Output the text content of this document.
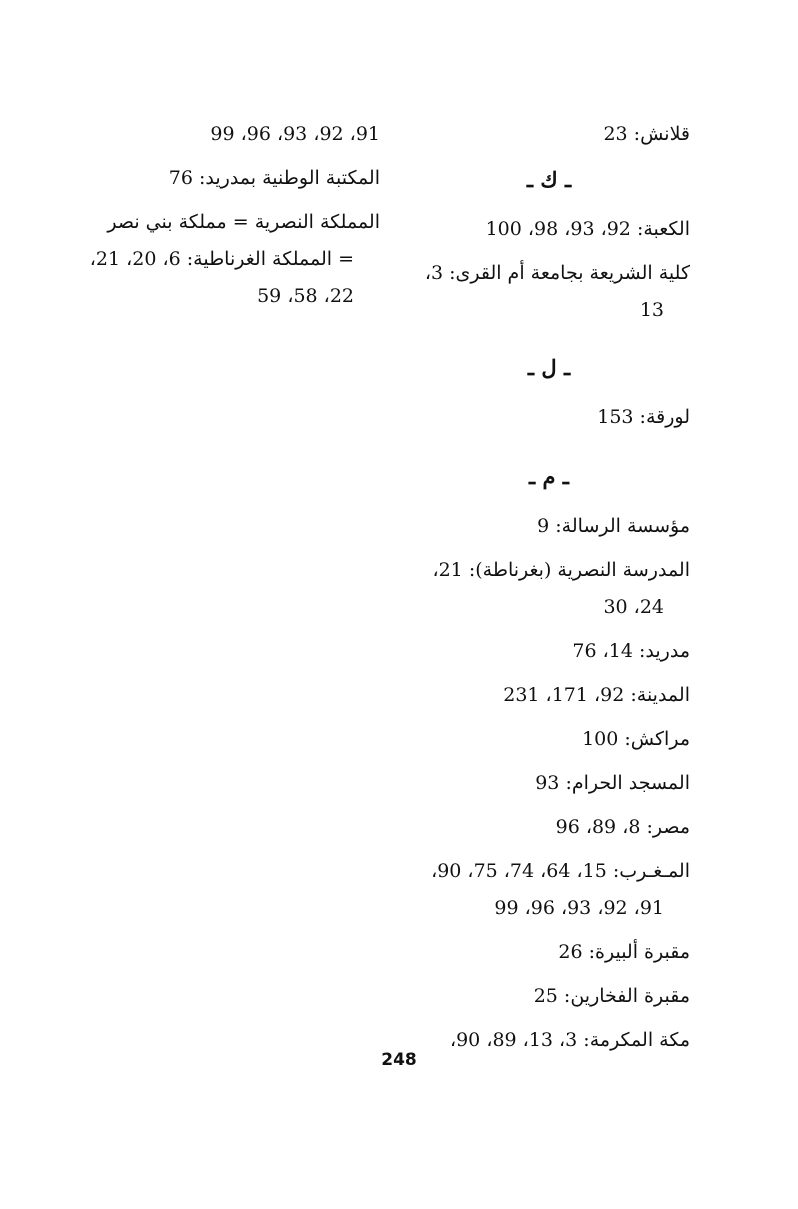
91، 92، 93، 96، 99
المكتبة الوطنية بمدريد: 76
المملكة النصرية = مملكة بني نصر = المملكة الغرناطية: 6، 20، 21، 22، 58، 59
قلانش: 23
ـ ك ـ
الكعبة: 92، 93، 98، 100
كلية الشريعة بجامعة أم القرى: 3، 13
ـ ل ـ
لورقة: 153
ـ م ـ
مؤسسة الرسالة: 9
المدرسة النصرية (بغرناطة): 21، 24، 30
مدريد: 14، 76
المدينة: 92، 171، 231
مراكش: 100
المسجد الحرام: 93
مصر: 8، 89، 96
المـغـرب: 15، 64، 74، 75، 90، 91، 92، 93، 96، 99
مقبرة ألبيرة: 26
مقبرة الفخارين: 25
مكة المكرمة: 3، 13، 89، 90،
248
